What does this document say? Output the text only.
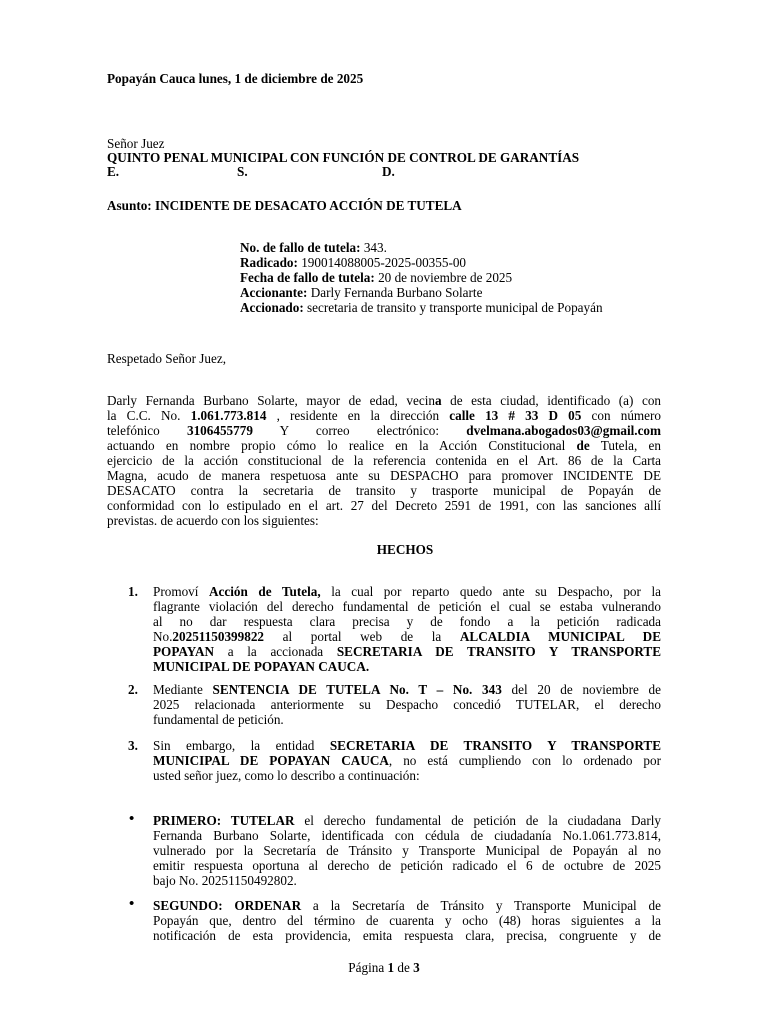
Popayán Cauca lunes, 1 de diciembre de 2025
Señor Juez
QUINTO PENAL MUNICIPAL CON FUNCIÓN DE CONTROL DE GARANTÍAS
E.	S.	D.
Asunto: INCIDENTE DE DESACATO ACCIÓN DE TUTELA
No. de fallo de tutela: 343.
Radicado: 190014088005-2025-00355-00
Fecha de fallo de tutela: 20 de noviembre de 2025
Accionante: Darly Fernanda Burbano Solarte
Accionado: secretaria de transito y transporte municipal de Popayán
Respetado Señor Juez,
Darly Fernanda Burbano Solarte, mayor de edad, vecina de esta ciudad, identificado (a) con
la C.C. No. 1.061.773.814 , residente en la dirección calle 13 # 33 D 05 con número
telefónico 3106455779 Y correo electrónico: dvelmana.abogados03@gmail.com
actuando en nombre propio cómo lo realice en la Acción Constitucional de Tutela, en
ejercicio de la acción constitucional de la referencia contenida en el Art. 86 de la Carta
Magna, acudo de manera respetuosa ante su DESPACHO para promover INCIDENTE DE
DESACATO contra la secretaria de transito y trasporte municipal de Popayán de
conformidad con lo estipulado en el art. 27 del Decreto 2591 de 1991, con las sanciones allí
previstas. de acuerdo con los siguientes:
HECHOS
1. Promoví Acción de Tutela, la cual por reparto quedo ante su Despacho, por la
flagrante violación del derecho fundamental de petición el cual se estaba vulnerando
al no dar respuesta clara precisa y de fondo a la petición radicada
No.20251150399822 al portal web de la ALCALDIA MUNICIPAL DE
POPAYAN a la accionada SECRETARIA DE TRANSITO Y TRANSPORTE
MUNICIPAL DE POPAYAN CAUCA.
2. Mediante SENTENCIA DE TUTELA No. T – No. 343 del 20 de noviembre de
2025 relacionada anteriormente su Despacho concedió TUTELAR, el derecho
fundamental de petición.
3. Sin embargo, la entidad SECRETARIA DE TRANSITO Y TRANSPORTE
MUNICIPAL DE POPAYAN CAUCA, no está cumpliendo con lo ordenado por
usted señor juez, como lo describo a continuación:
• PRIMERO: TUTELAR el derecho fundamental de petición de la ciudadana Darly
Fernanda Burbano Solarte, identificada con cédula de ciudadanía No.1.061.773.814,
vulnerado por la Secretaría de Tránsito y Transporte Municipal de Popayán al no
emitir respuesta oportuna al derecho de petición radicado el 6 de octubre de 2025
bajo No. 20251150492802.
• SEGUNDO: ORDENAR a la Secretaría de Tránsito y Transporte Municipal de
Popayán que, dentro del término de cuarenta y ocho (48) horas siguientes a la
notificación de esta providencia, emita respuesta clara, precisa, congruente y de
Página 1 de 3
